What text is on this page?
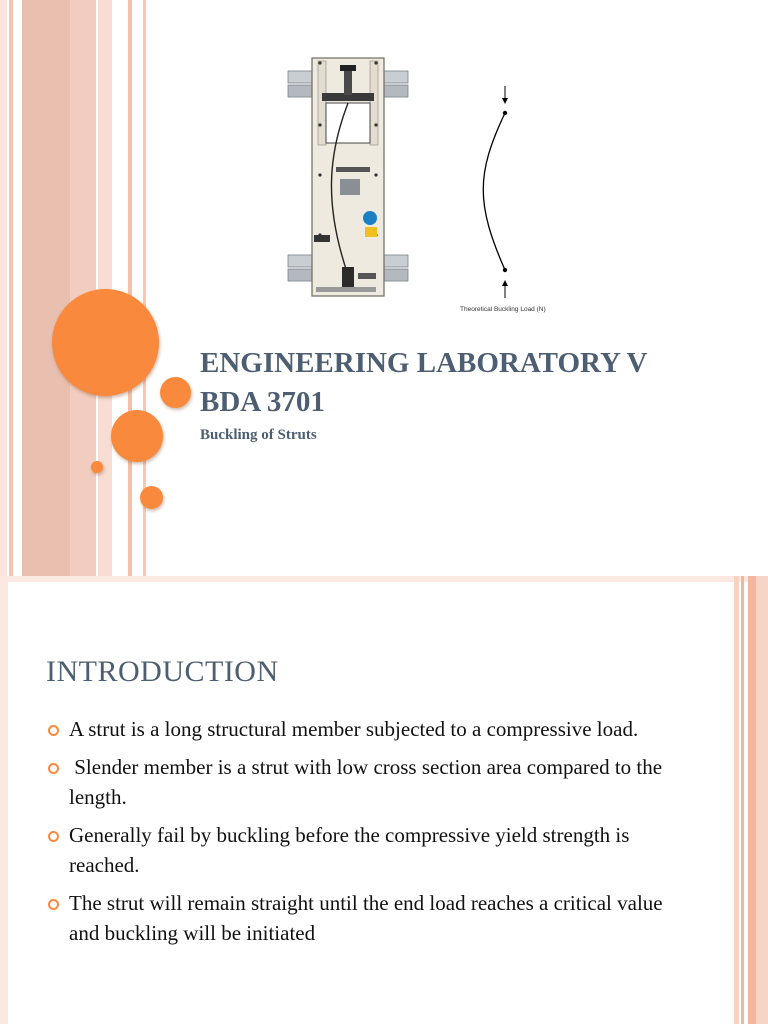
Theoretical Buckling Load (N)
ENGINEERING LABORATORY V
BDA 3701
Buckling of Struts
INTRODUCTION
A strut is a long structural member subjected to a compressive load.
Slender member is a strut with low cross section area compared to the length.
Generally fail by buckling before the compressive yield strength is reached.
The strut will remain straight until the end load reaches a critical value and buckling will be initiated
